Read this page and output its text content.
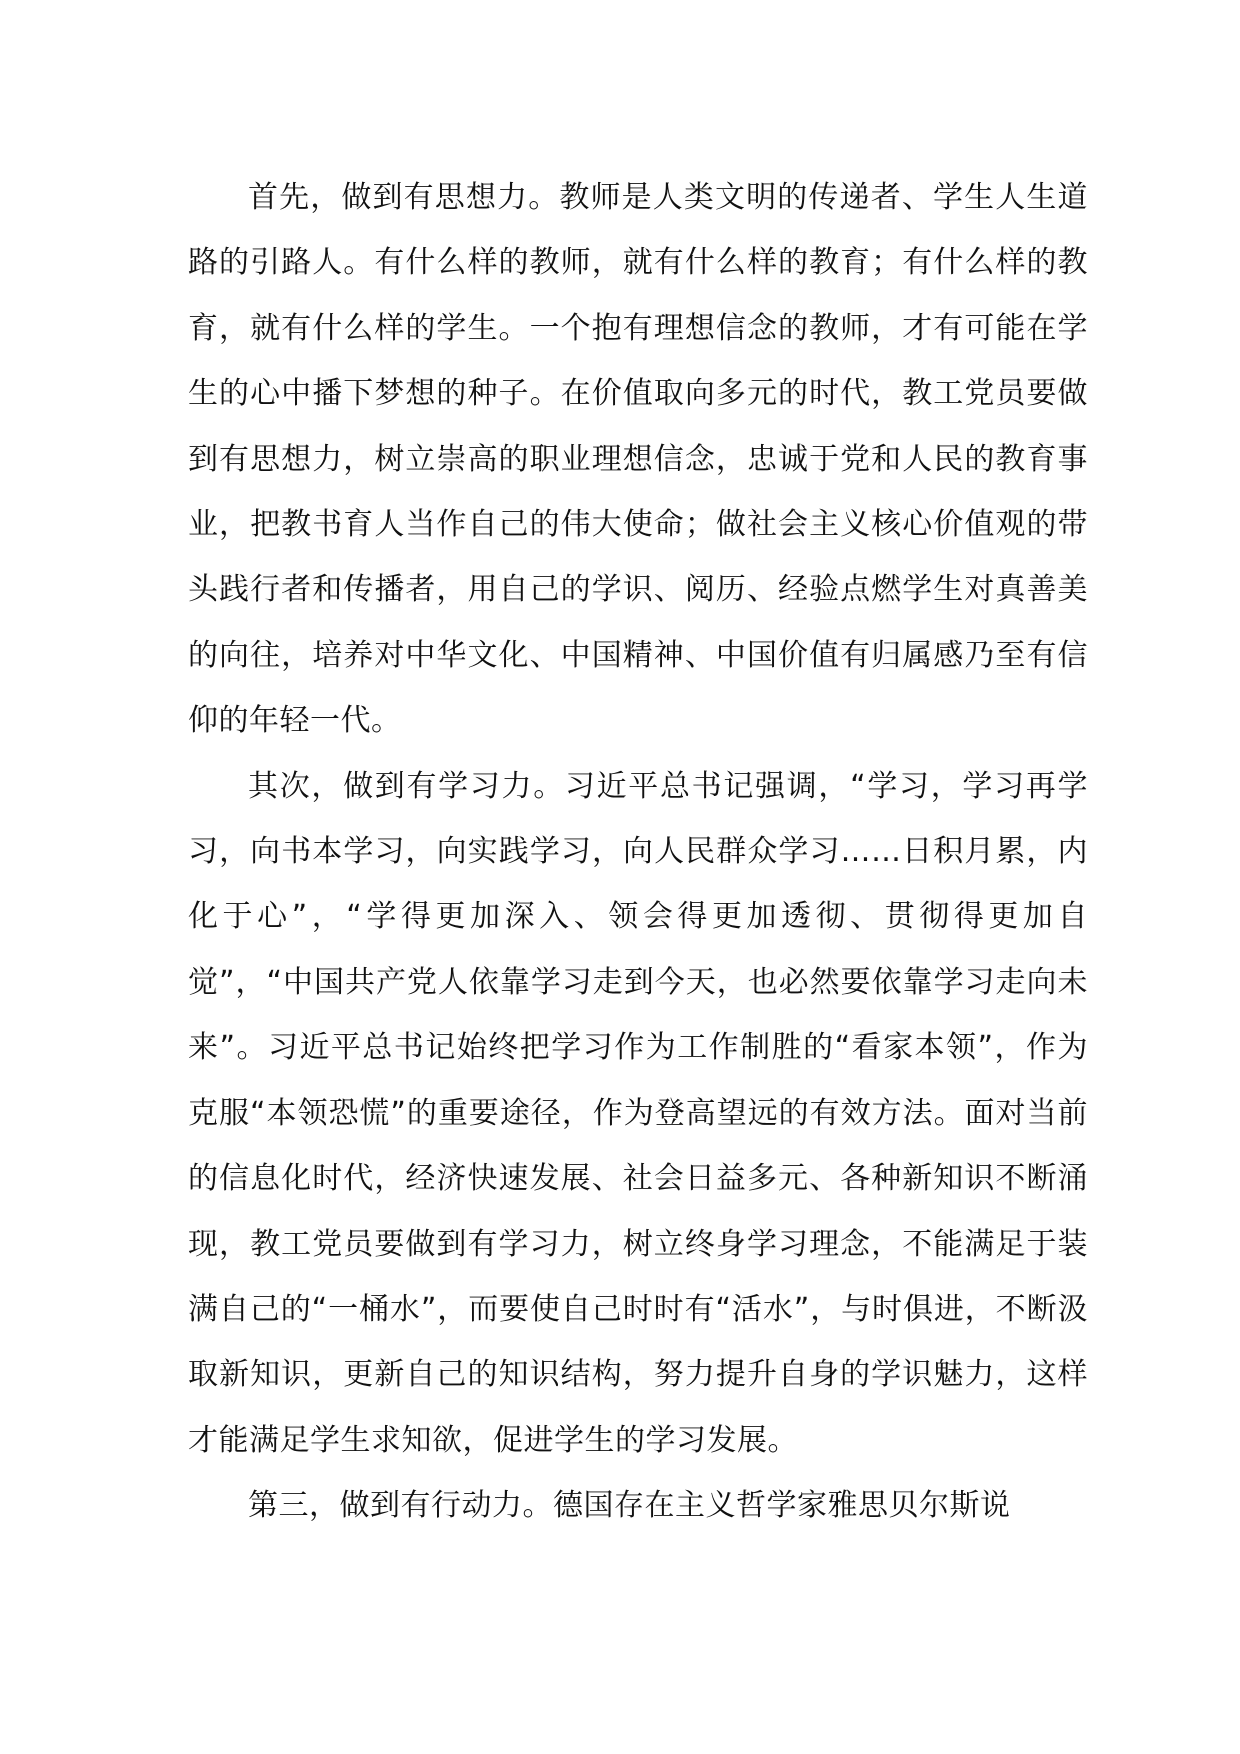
首先，做到有思想力。教师是人类文明的传递者、学生人生道路的引路人。有什么样的教师，就有什么样的教育；有什么样的教育，就有什么样的学生。一个抱有理想信念的教师，才有可能在学生的心中播下梦想的种子。在价值取向多元的时代，教工党员要做到有思想力，树立崇高的职业理想信念，忠诚于党和人民的教育事业，把教书育人当作自己的伟大使命；做社会主义核心价值观的带头践行者和传播者，用自己的学识、阅历、经验点燃学生对真善美的向往，培养对中华文化、中国精神、中国价值有归属感乃至有信仰的年轻一代。

其次，做到有学习力。习近平总书记强调，“学习，学习再学习，向书本学习，向实践学习，向人民群众学习……日积月累，内化于心”，“学得更加深入、领会得更加透彻、贯彻得更加自觉”，“中国共产党人依靠学习走到今天，也必然要依靠学习走向未来”。习近平总书记始终把学习作为工作制胜的“看家本领”，作为克服“本领恐慌”的重要途径，作为登高望远的有效方法。面对当前的信息化时代，经济快速发展、社会日益多元、各种新知识不断涌现，教工党员要做到有学习力，树立终身学习理念，不能满足于装满自己的“一桶水”，而要使自己时时有“活水”，与时俱进，不断汲取新知识，更新自己的知识结构，努力提升自身的学识魅力，这样才能满足学生求知欲，促进学生的学习发展。

第三，做到有行动力。德国存在主义哲学家雅思贝尔斯说
